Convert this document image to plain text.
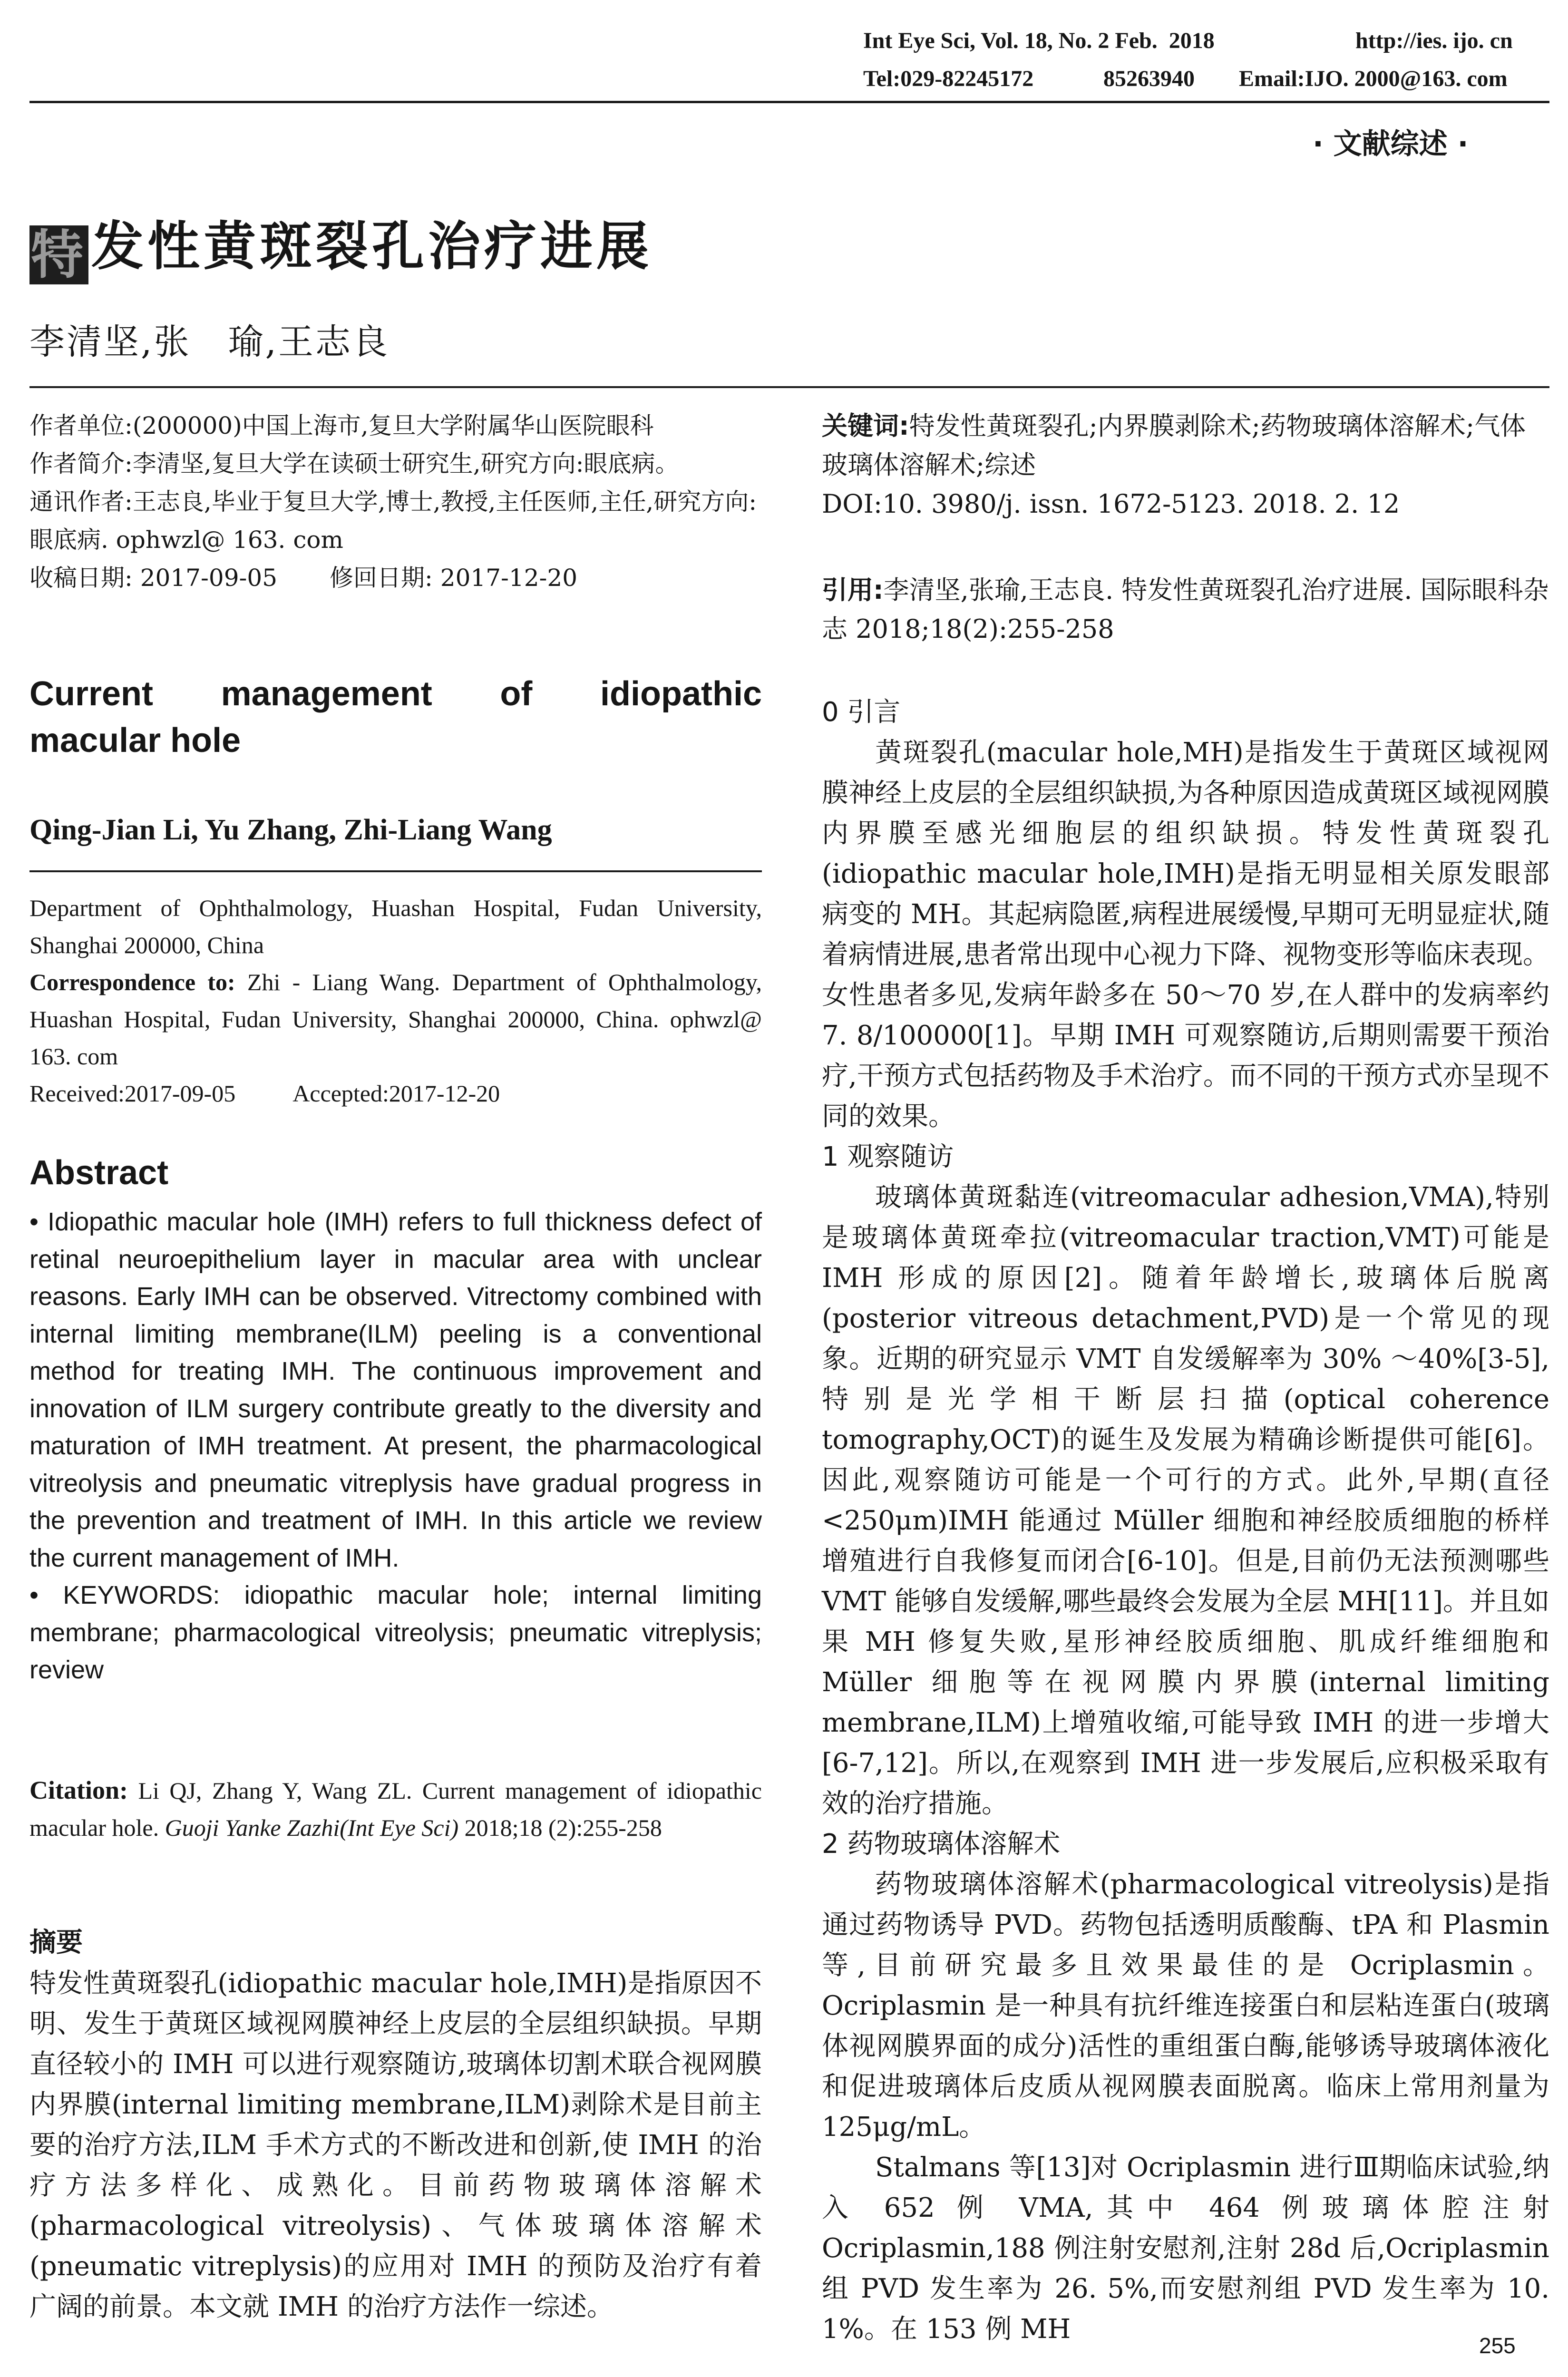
Int Eye Sci, Vol. 18, No. 2 Feb.  2018	http://ies. ijo. cn
Tel:029-82245172	85263940 Email:IJO. 2000@163. com
· 文献综述 ·
特发性黄斑裂孔治疗进展
李清坚,张　瑜,王志良
作者单位:(200000)中国上海市,复旦大学附属华山医院眼科
作者简介:李清坚,复旦大学在读硕士研究生,研究方向:眼底病。
通讯作者:王志良,毕业于复旦大学,博士,教授,主任医师,主任,研究方向:眼底病. ophwzl@ 163. com
收稿日期: 2017-09-05 修回日期: 2017-12-20
Current management of idiopathic
macular hole
Qing-Jian Li, Yu Zhang, Zhi-Liang Wang
Department of Ophthalmology, Huashan Hospital, Fudan University, Shanghai 200000, China
Correspondence to: Zhi - Liang Wang. Department of Ophthalmology, Huashan Hospital, Fudan University, Shanghai 200000, China. ophwzl@ 163. com
Received:2017-09-05 Accepted:2017-12-20
Abstract
• Idiopathic macular hole (IMH) refers to full thickness defect of retinal neuroepithelium layer in macular area with unclear reasons. Early IMH can be observed. Vitrectomy combined with internal limiting membrane(ILM) peeling is a conventional method for treating IMH. The continuous improvement and innovation of ILM surgery contribute greatly to the diversity and maturation of IMH treatment. At present, the pharmacological vitreolysis and pneumatic vitreplysis have gradual progress in the prevention and treatment of IMH. In this article we review the current management of IMH.
• KEYWORDS: idiopathic macular hole; internal limiting membrane; pharmacological vitreolysis; pneumatic vitreplysis; review
Citation: Li QJ, Zhang Y, Wang ZL. Current management of idiopathic macular hole. Guoji Yanke Zazhi(Int Eye Sci) 2018;18 (2):255-258
摘要
特发性黄斑裂孔(idiopathic macular hole,IMH)是指原因不明、发生于黄斑区域视网膜神经上皮层的全层组织缺损。早期直径较小的 IMH 可以进行观察随访,玻璃体切割术联合视网膜内界膜(internal limiting membrane,ILM)剥除术是目前主要的治疗方法,ILM 手术方式的不断改进和创新,使 IMH 的治疗方法多样化、成熟化。目前药物玻璃体溶解术(pharmacological vitreolysis)、气体玻璃体溶解术(pneumatic vitreplysis)的应用对 IMH 的预防及治疗有着广阔的前景。本文就 IMH 的治疗方法作一综述。
关键词:特发性黄斑裂孔;内界膜剥除术;药物玻璃体溶解术;气体玻璃体溶解术;综述
DOI:10. 3980/j. issn. 1672-5123. 2018. 2. 12
引用:李清坚,张瑜,王志良. 特发性黄斑裂孔治疗进展. 国际眼科杂志 2018;18(2):255-258
0 引言

黄斑裂孔(macular hole,MH)是指发生于黄斑区域视网膜神经上皮层的全层组织缺损,为各种原因造成黄斑区域视网膜内界膜至感光细胞层的组织缺损。特发性黄斑裂孔(idiopathic macular hole,IMH)是指无明显相关原发眼部病变的 MH。其起病隐匿,病程进展缓慢,早期可无明显症状,随着病情进展,患者常出现中心视力下降、视物变形等临床表现。女性患者多见,发病年龄多在 50～70 岁,在人群中的发病率约 7. 8/100000[1]。早期 IMH 可观察随访,后期则需要干预治疗,干预方式包括药物及手术治疗。而不同的干预方式亦呈现不同的效果。

1 观察随访

玻璃体黄斑黏连(vitreomacular adhesion,VMA),特别是玻璃体黄斑牵拉(vitreomacular traction,VMT)可能是 IMH 形成的原因[2]。随着年龄增长,玻璃体后脱离(posterior vitreous detachment,PVD)是一个常见的现象。近期的研究显示 VMT 自发缓解率为 30% ～40%[3-5],特别是光学相干断层扫描(optical coherence tomography,OCT)的诞生及发展为精确诊断提供可能[6]。因此,观察随访可能是一个可行的方式。此外,早期(直径<250μm)IMH 能通过 Müller 细胞和神经胶质细胞的桥样增殖进行自我修复而闭合[6-10]。但是,目前仍无法预测哪些 VMT 能够自发缓解,哪些最终会发展为全层 MH[11]。并且如果 MH 修复失败,星形神经胶质细胞、肌成纤维细胞和 Müller 细胞等在视网膜内界膜(internal limiting membrane,ILM)上增殖收缩,可能导致 IMH 的进一步增大[6-7,12]。所以,在观察到 IMH 进一步发展后,应积极采取有效的治疗措施。

2 药物玻璃体溶解术

药物玻璃体溶解术(pharmacological vitreolysis)是指通过药物诱导 PVD。药物包括透明质酸酶、tPA 和 Plasmin 等,目前研究最多且效果最佳的是 Ocriplasmin。Ocriplasmin 是一种具有抗纤维连接蛋白和层粘连蛋白(玻璃体视网膜界面的成分)活性的重组蛋白酶,能够诱导玻璃体液化和促进玻璃体后皮质从视网膜表面脱离。临床上常用剂量为 125μg/mL。

Stalmans 等[13]对 Ocriplasmin 进行Ⅲ期临床试验,纳入 652 例 VMA,其中 464 例玻璃体腔注射 Ocriplasmin,188 例注射安慰剂,注射 28d 后,Ocriplasmin 组 PVD 发生率为 26. 5%,而安慰剂组 PVD 发生率为 10. 1%。在 153 例 MH

255
